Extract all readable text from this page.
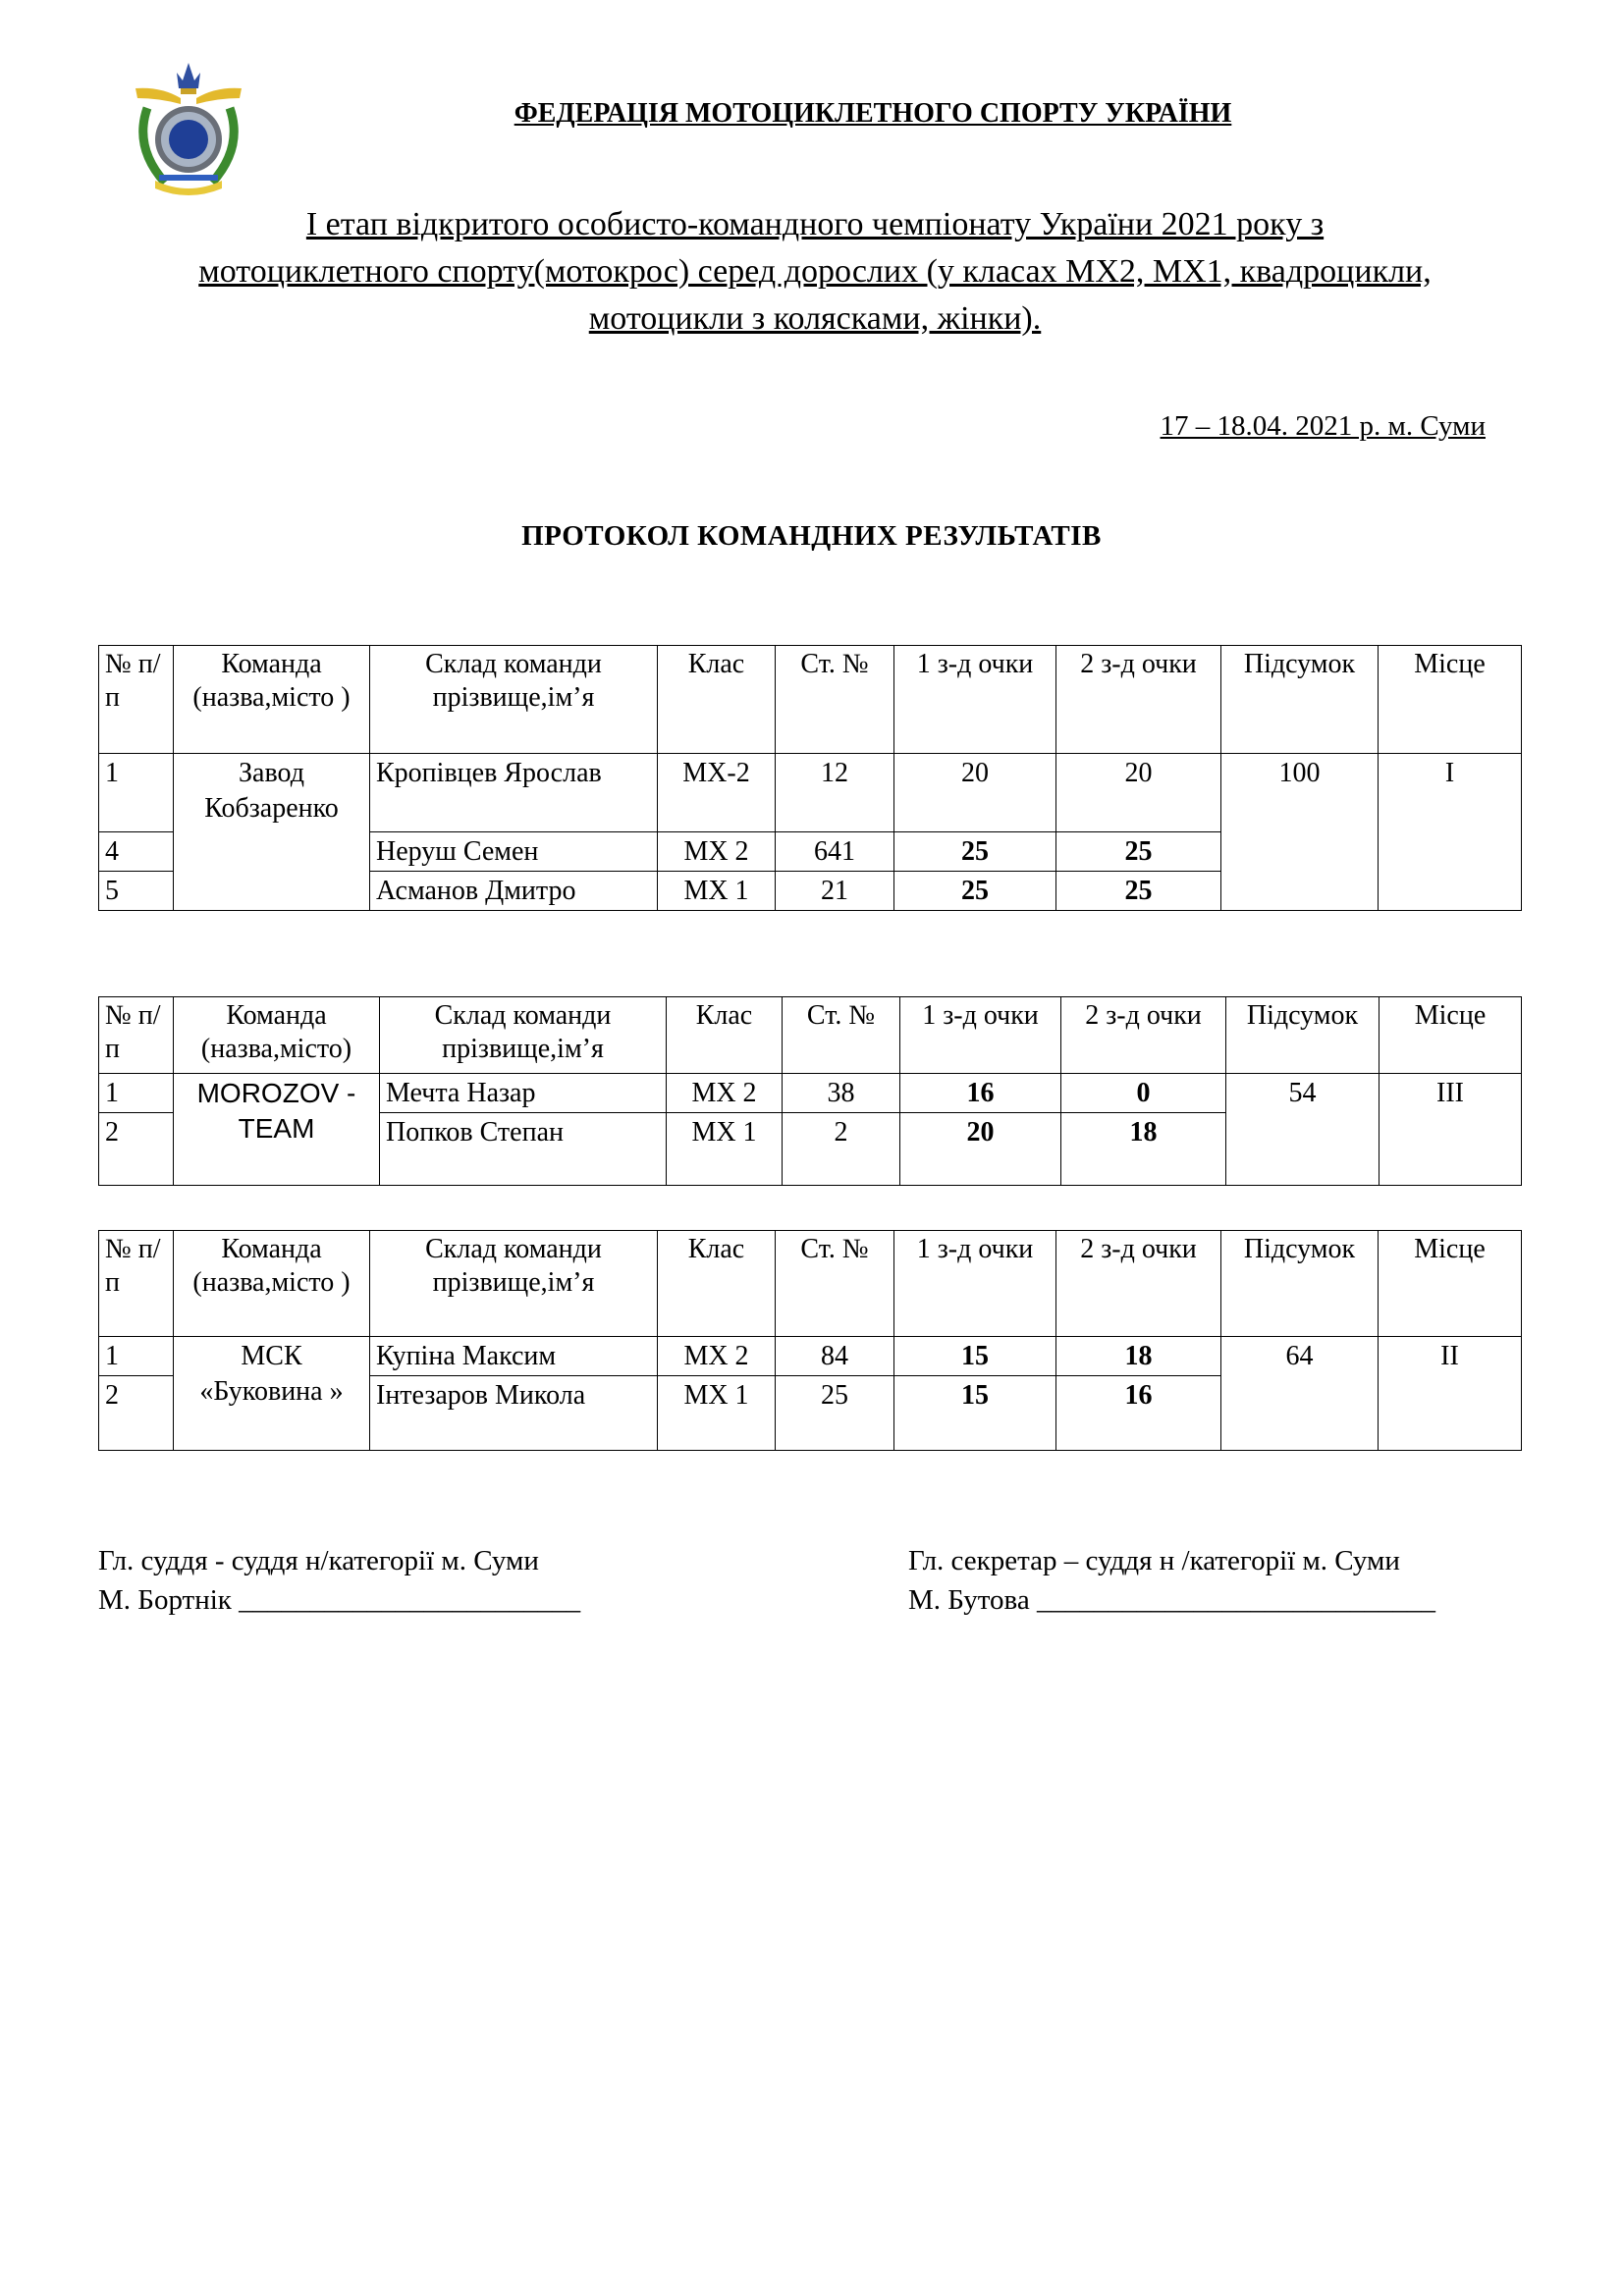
ФЕДЕРАЦІЯ МОТОЦИКЛЕТНОГО СПОРТУ УКРАЇНИ
І етап відкритого особисто-командного чемпіонату України 2021 року з
мотоциклетного спорту(мотокрос) серед дорослих (у класах МХ2, МХ1, квадроцикли,
мотоцикли з колясками, жінки).
17 – 18.04. 2021 р. м. Суми
ПРОТОКОЛ КОМАНДНИХ РЕЗУЛЬТАТІВ
№ п/п	Команда (назва,місто )	Склад команди прізвище,ім’я	Клас	Ст. №	1 з-д очки	2 з-д очки	Підсумок	Місце
1	Завод Кобзаренко	Кропівцев Ярослав	МХ-2	12	20	20	100	І
4		Неруш Семен	МХ 2	641	25	25		
5		Асманов Дмитро	МХ 1	21	25	25		
№ п/п	Команда (назва,місто)	Склад команди прізвище,ім’я	Клас	Ст. №	1 з-д очки	2 з-д очки	Підсумок	Місце
1	MOROZOV - TEAM	Мечта Назар	МХ 2	38	16	0	54	ІІІ
2		Попков Степан	МХ 1	2	20	18		
№ п/п	Команда (назва,місто )	Склад команди прізвище,ім’я	Клас	Ст. №	1 з-д очки	2 з-д очки	Підсумок	Місце
1	МСК «Буковина »	Купіна Максим	МХ 2	84	15	18	64	ІІ
2		Інтезаров Микола	МХ 1	25	15	16		
Гл. суддя - суддя н/категорії м. Суми
М. Бортнік ________________________
Гл. секретар – суддя н /категорії м. Суми
М. Бутова ____________________________
